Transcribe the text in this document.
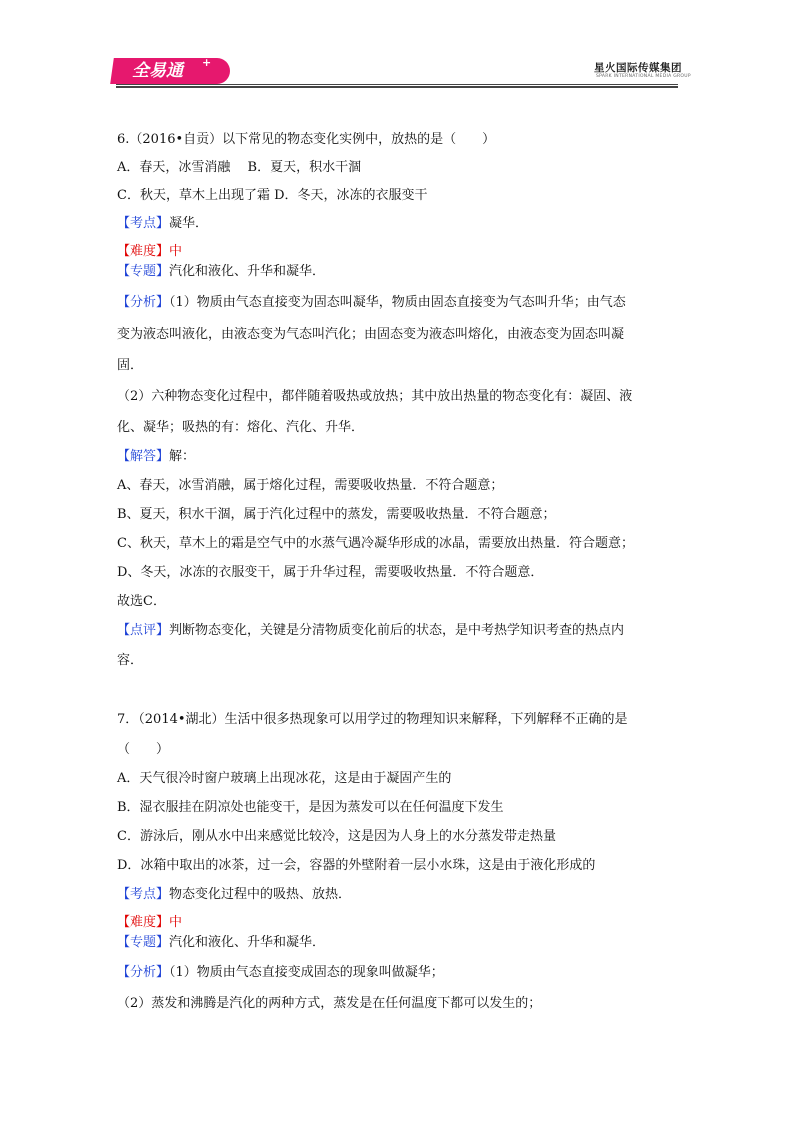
全易通 +	星火国际传媒集团
SPARK INTERNATIONAL MEDIA GROUP
6.（2016•自贡）以下常见的物态变化实例中，放热的是（　　）
A．春天，冰雪消融　 B．夏天，积水干涸
C．秋天，草木上出现了霜 D．冬天，冰冻的衣服变干
【考点】凝华．
【难度】中
【专题】汽化和液化、升华和凝华．
【分析】（1）物质由气态直接变为固态叫凝华，物质由固态直接变为气态叫升华；由气态
变为液态叫液化，由液态变为气态叫汽化；由固态变为液态叫熔化，由液态变为固态叫凝
固．
（2）六种物态变化过程中，都伴随着吸热或放热；其中放出热量的物态变化有：凝固、液
化、凝华；吸热的有：熔化、汽化、升华．
【解答】解：
A、春天，冰雪消融，属于熔化过程，需要吸收热量．不符合题意；
B、夏天，积水干涸，属于汽化过程中的蒸发，需要吸收热量．不符合题意；
C、秋天，草木上的霜是空气中的水蒸气遇冷凝华形成的冰晶，需要放出热量．符合题意；
D、冬天，冰冻的衣服变干，属于升华过程，需要吸收热量．不符合题意．
故选C．
【点评】判断物态变化，关键是分清物质变化前后的状态，是中考热学知识考查的热点内
容．
7．（2014•湖北）生活中很多热现象可以用学过的物理知识来解释，下列解释不正确的是
（　　）
A．天气很冷时窗户玻璃上出现冰花，这是由于凝固产生的
B．湿衣服挂在阴凉处也能变干，是因为蒸发可以在任何温度下发生
C．游泳后，刚从水中出来感觉比较冷，这是因为人身上的水分蒸发带走热量
D．冰箱中取出的冰茶，过一会，容器的外壁附着一层小水珠，这是由于液化形成的
【考点】物态变化过程中的吸热、放热．
【难度】中
【专题】汽化和液化、升华和凝华．
【分析】（1）物质由气态直接变成固态的现象叫做凝华；
（2）蒸发和沸腾是汽化的两种方式，蒸发是在任何温度下都可以发生的；
